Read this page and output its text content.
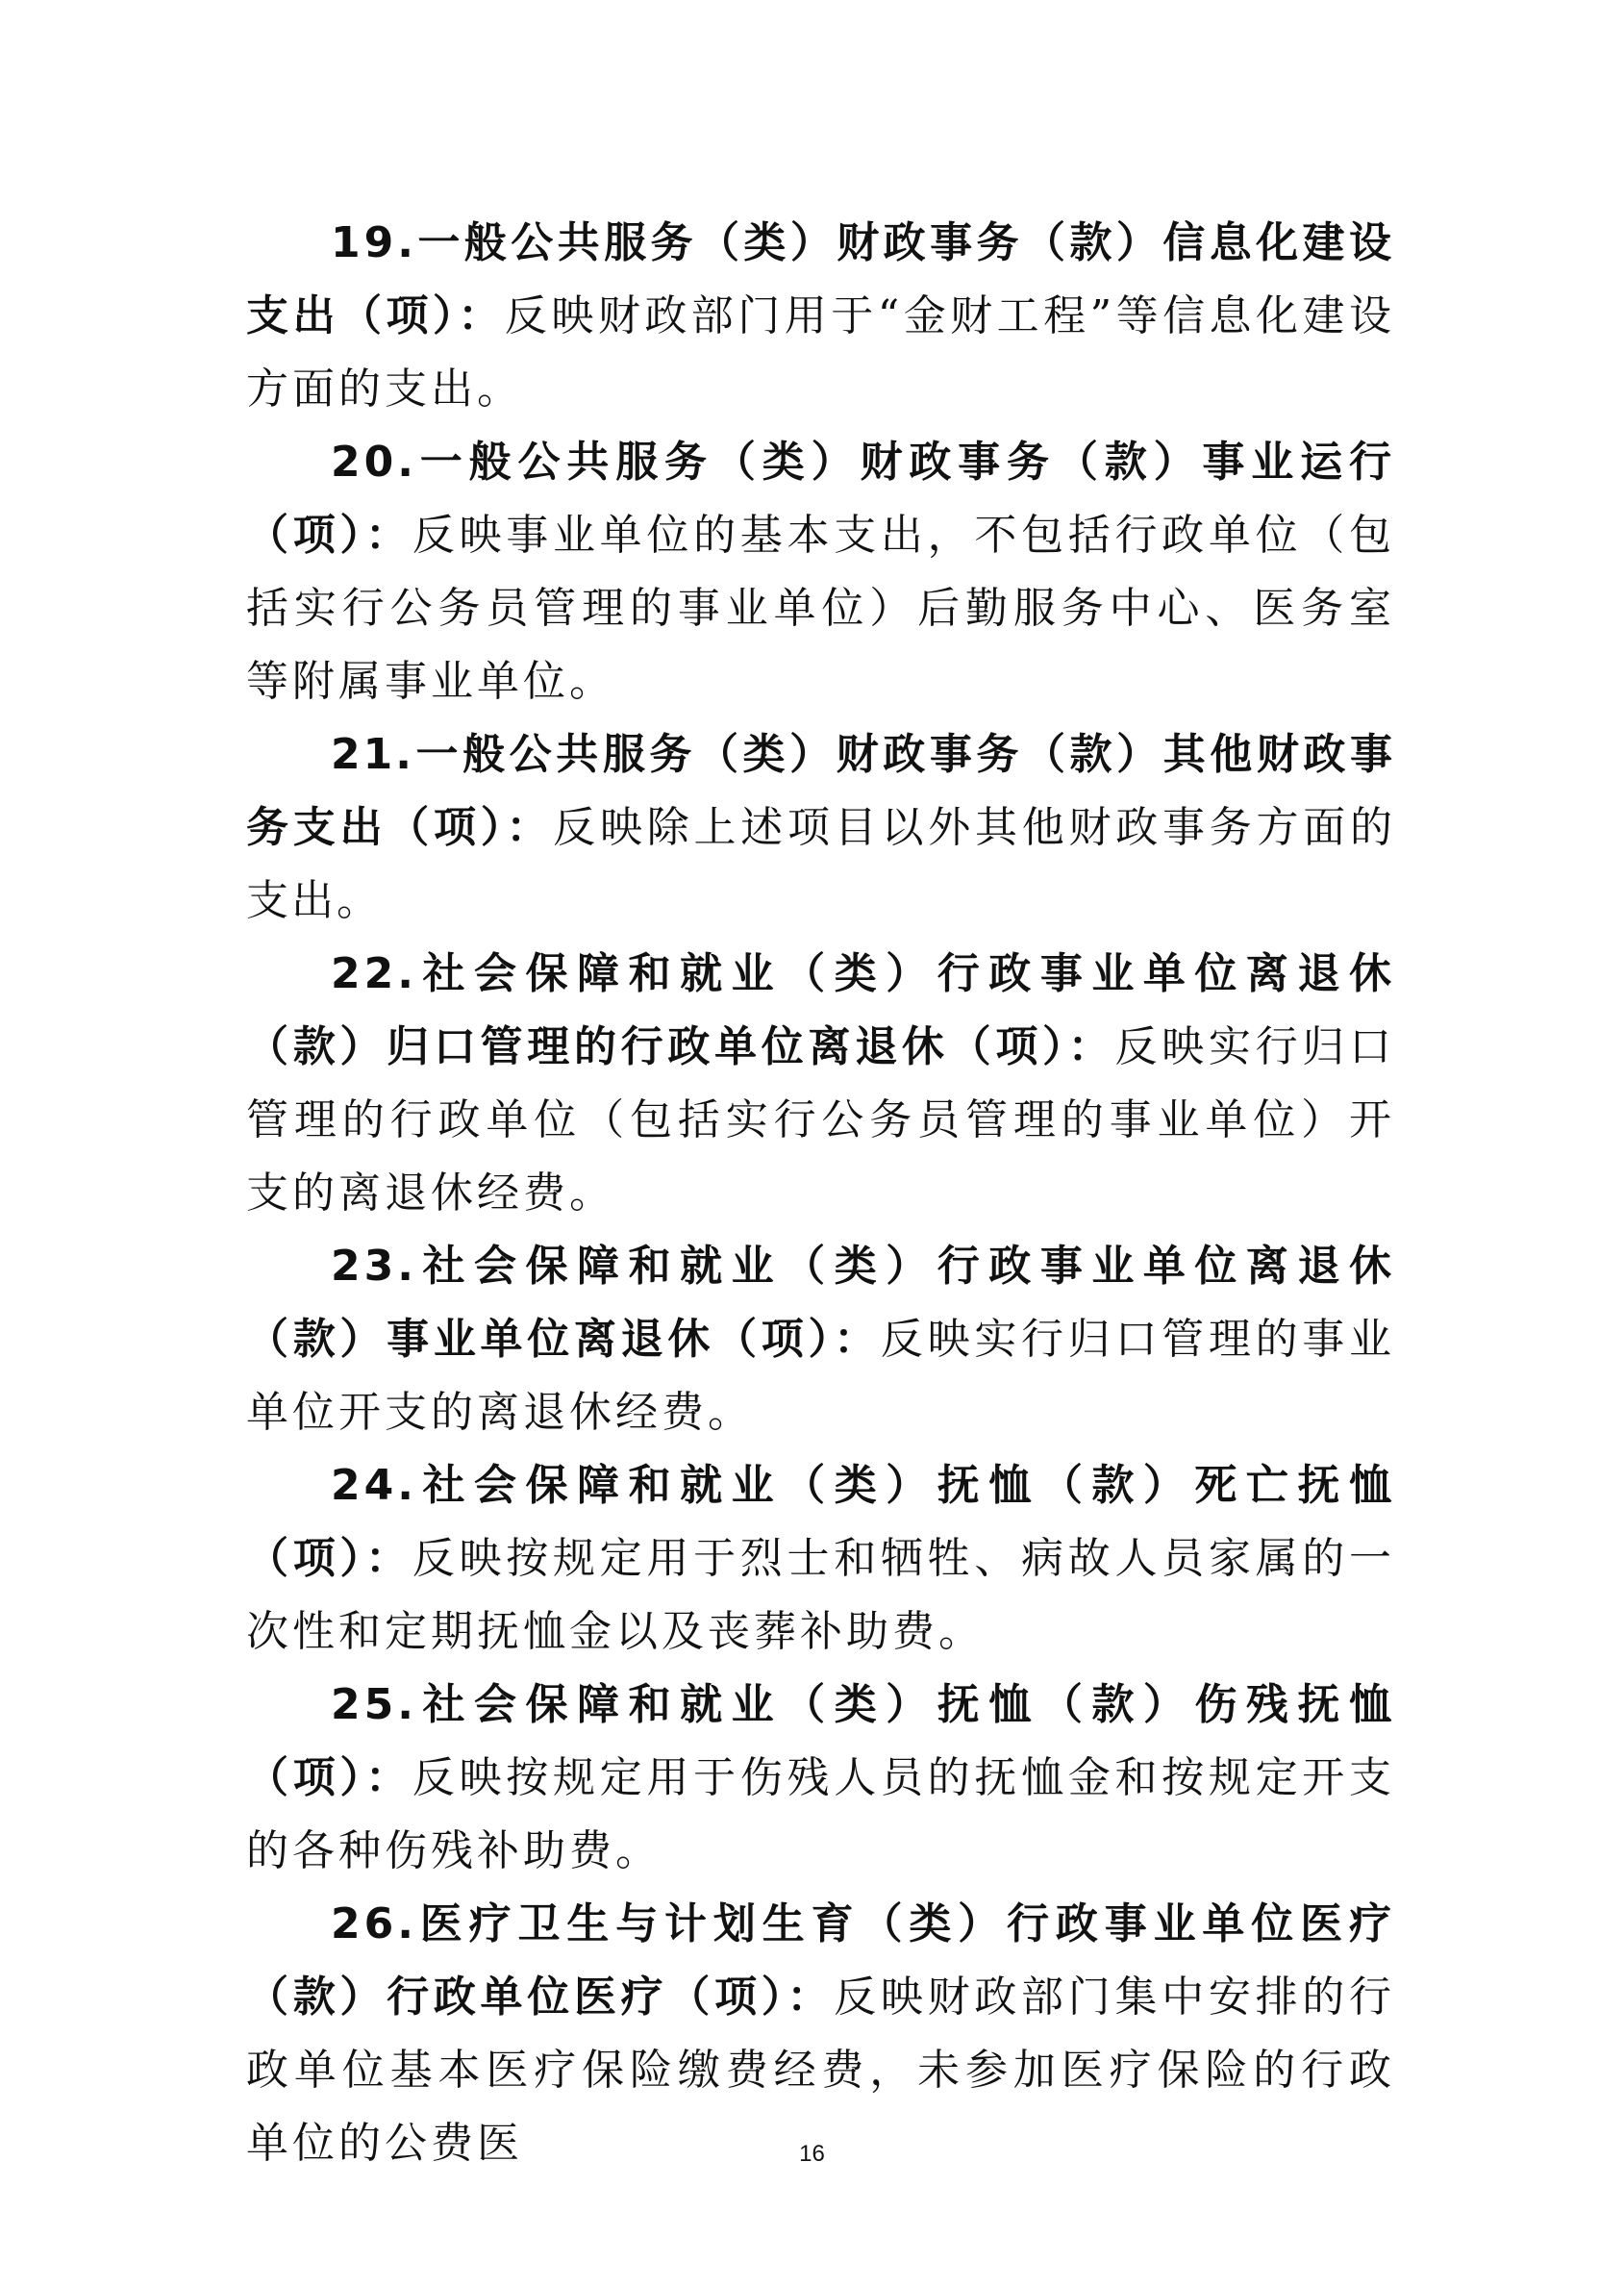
19.一般公共服务（类）财政事务（款）信息化建设支出（项）：反映财政部门用于“金财工程”等信息化建设方面的支出。

20.一般公共服务（类）财政事务（款）事业运行（项）：反映事业单位的基本支出，不包括行政单位（包括实行公务员管理的事业单位）后勤服务中心、医务室等附属事业单位。

21.一般公共服务（类）财政事务（款）其他财政事务支出（项）：反映除上述项目以外其他财政事务方面的支出。

22.社会保障和就业（类）行政事业单位离退休（款）归口管理的行政单位离退休（项）：反映实行归口管理的行政单位（包括实行公务员管理的事业单位）开支的离退休经费。

23.社会保障和就业（类）行政事业单位离退休（款）事业单位离退休（项）：反映实行归口管理的事业单位开支的离退休经费。

24.社会保障和就业（类）抚恤（款）死亡抚恤（项）：反映按规定用于烈士和牺牲、病故人员家属的一次性和定期抚恤金以及丧葬补助费。

25.社会保障和就业（类）抚恤（款）伤残抚恤（项）：反映按规定用于伤残人员的抚恤金和按规定开支的各种伤残补助费。

26.医疗卫生与计划生育（类）行政事业单位医疗（款）行政单位医疗（项）：反映财政部门集中安排的行政单位基本医疗保险缴费经费，未参加医疗保险的行政单位的公费医	16
